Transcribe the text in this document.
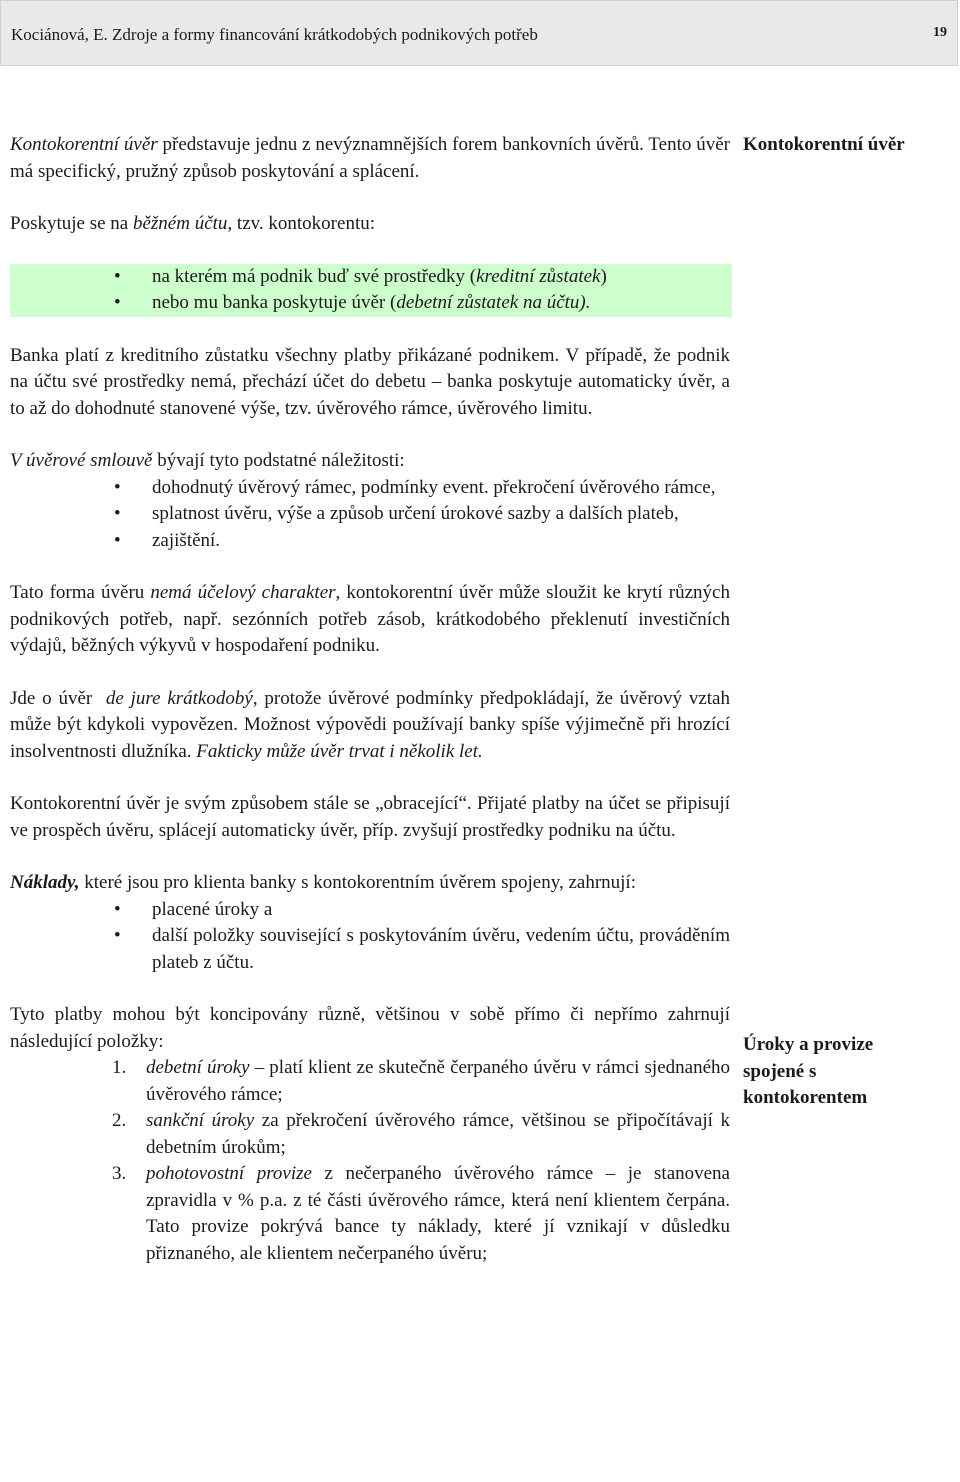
Kociánová, E. Zdroje a formy financování krátkodobých podnikových potřeb	19
Kontokorentní úvěr
Úroky a provize
spojené s
kontokorentem

Kontokorentní úvěr představuje jednu z nevýznamnějších forem bankovních úvěrů. Tento úvěr má specifický, pružný způsob poskytování a splácení.

Poskytuje se na běžném účtu, tzv. kontokorentu:

• na kterém má podnik buď své prostředky (kreditní zůstatek)
• nebo mu banka poskytuje úvěr (debetní zůstatek na účtu).

Banka platí z kreditního zůstatku všechny platby přikázané podnikem. V případě, že podnik na účtu své prostředky nemá, přechází účet do debetu – banka poskytuje automaticky úvěr, a to až do dohodnuté stanovené výše, tzv. úvěrového rámce, úvěrového limitu.

V úvěrové smlouvě bývají tyto podstatné náležitosti:

• dohodnutý úvěrový rámec, podmínky event. překročení úvěrového rámce,
• splatnost úvěru, výše a způsob určení úrokové sazby a dalších plateb,
• zajištění.

Tato forma úvěru nemá účelový charakter, kontokorentní úvěr může sloužit ke krytí různých podnikových potřeb, např. sezónních potřeb zásob, krátkodobého překlenutí investičních výdajů, běžných výkyvů v hospodaření podniku.

Jde o úvěr  de jure krátkodobý, protože úvěrové podmínky předpokládají, že úvěrový vztah může být kdykoli vypovězen. Možnost výpovědi používají banky spíše výjimečně při hrozící insolventnosti dlužníka. Fakticky může úvěr trvat i několik let.

Kontokorentní úvěr je svým způsobem stále se „obracející“. Přijaté platby na účet se připisují ve prospěch úvěru, splácejí automaticky úvěr, příp. zvyšují prostředky podniku na účtu.

Náklady, které jsou pro klienta banky s kontokorentním úvěrem spojeny, zahrnují:

• placené úroky a
• další položky související s poskytováním úvěru, vedením účtu, prováděním plateb z účtu.

Tyto platby mohou být koncipovány různě, většinou v sobě přímo či nepřímo zahrnují následující položky:

1. debetní úroky – platí klient ze skutečně čerpaného úvěru v rámci sjednaného úvěrového rámce;
2. sankční úroky za překročení úvěrového rámce, většinou se připočítávají k debetním úrokům;
3. pohotovostní provize z nečerpaného úvěrového rámce – je stanovena zpravidla v % p.a. z té části úvěrového rámce, která není klientem čerpána. Tato provize pokrývá bance ty náklady, které jí vznikají v důsledku přiznaného, ale klientem nečerpaného úvěru;
